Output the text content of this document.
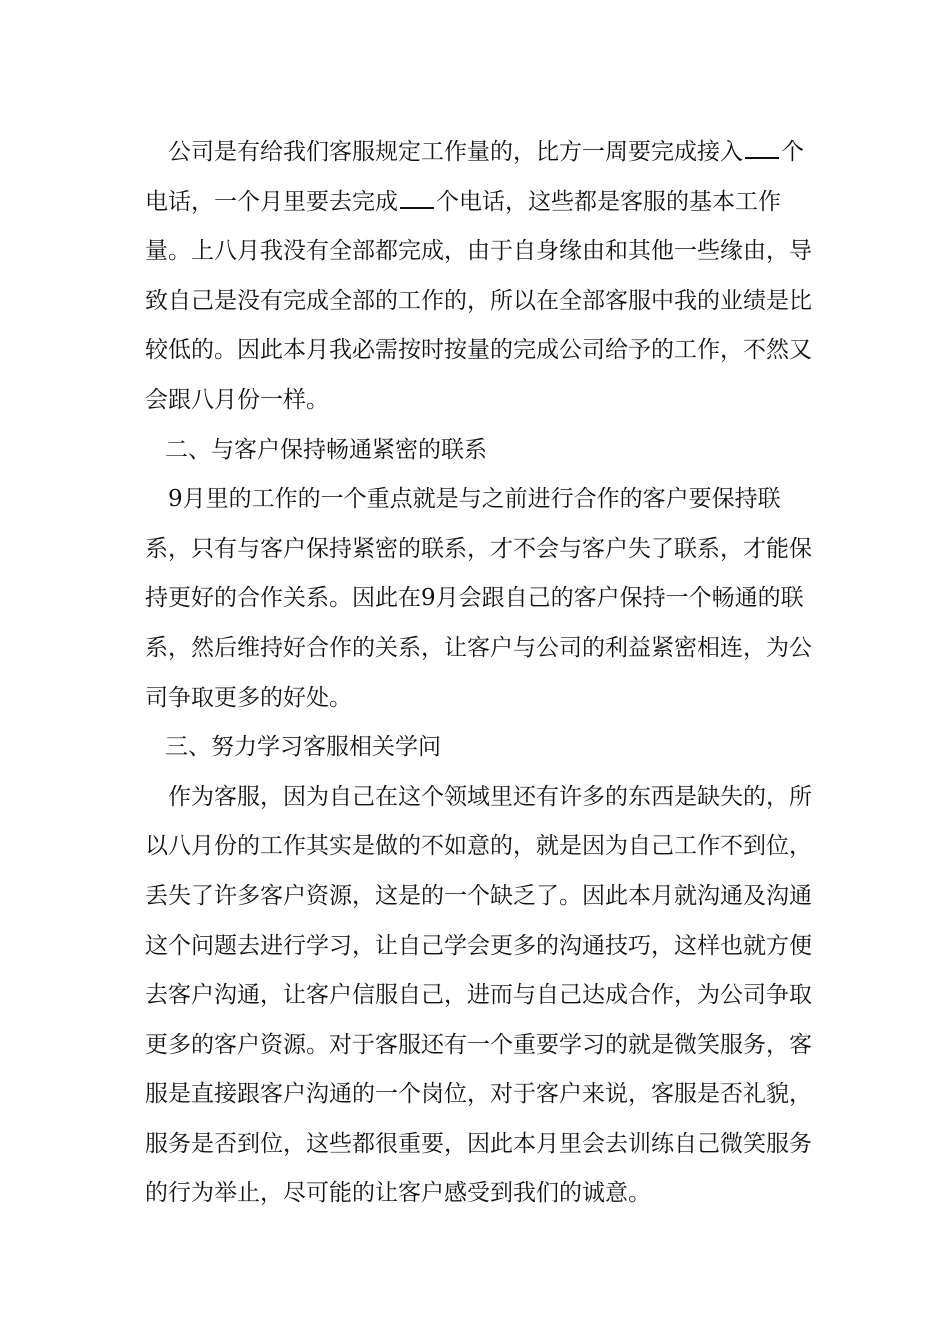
公司是有给我们客服规定工作量的，比方一周要完成接入 个电话，一个月里要去完成 个电话，这些都是客服的基本工作量。上八月我没有全部都完成，由于自身缘由和其他一些缘由，导致自己是没有完成全部的工作的，所以在全部客服中我的业绩是比较低的。因此本月我必需按时按量的完成公司给予的工作，不然又会跟八月份一样。

二、与客户保持畅通紧密的联系

9月里的工作的一个重点就是与之前进行合作的客户要保持联系，只有与客户保持紧密的联系，才不会与客户失了联系，才能保持更好的合作关系。因此在9月会跟自己的客户保持一个畅通的联系，然后维持好合作的关系，让客户与公司的利益紧密相连，为公司争取更多的好处。

三、努力学习客服相关学问

作为客服，因为自己在这个领域里还有许多的东西是缺失的，所以八月份的工作其实是做的不如意的，就是因为自己工作不到位，丢失了许多客户资源，这是的一个缺乏了。因此本月就沟通及沟通这个问题去进行学习，让自己学会更多的沟通技巧，这样也就方便去客户沟通，让客户信服自己，进而与自己达成合作，为公司争取更多的客户资源。对于客服还有一个重要学习的就是微笑服务，客服是直接跟客户沟通的一个岗位，对于客户来说，客服是否礼貌，服务是否到位，这些都很重要，因此本月里会去训练自己微笑服务的行为举止，尽可能的让客户感受到我们的诚意。
